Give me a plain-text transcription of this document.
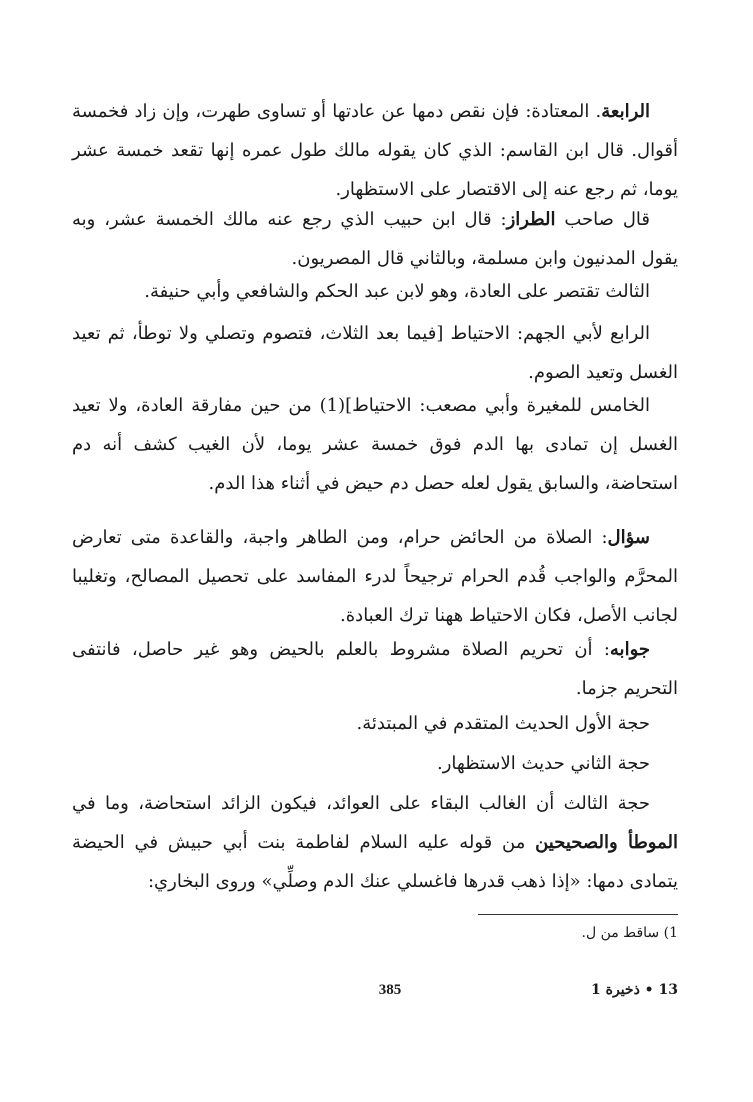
الرابعة. المعتادة: فإن نقص دمها عن عادتها أو تساوى طهرت، وإن زاد فخمسة أقوال. قال ابن القاسم: الذي كان يقوله مالك طول عمره إنها تقعد خمسة عشر يوما، ثم رجع عنه إلى الاقتصار على الاستظهار.

قال صاحب الطراز: قال ابن حبيب الذي رجع عنه مالك الخمسة عشر، وبه يقول المدنيون وابن مسلمة، وبالثاني قال المصريون.

الثالث تقتصر على العادة، وهو لابن عبد الحكم والشافعي وأبي حنيفة.

الرابع لأبي الجهم: الاحتياط [فيما بعد الثلاث، فتصوم وتصلي ولا توطأ، ثم تعيد الغسل وتعيد الصوم.

الخامس للمغيرة وأبي مصعب: الاحتياط](1) من حين مفارقة العادة، ولا تعيد الغسل إن تمادى بها الدم فوق خمسة عشر يوما، لأن الغيب كشف أنه دم استحاضة، والسابق يقول لعله حصل دم حيض في أثناء هذا الدم.

سؤال: الصلاة من الحائض حرام، ومن الطاهر واجبة، والقاعدة متى تعارض المحرَّم والواجب قُدم الحرام ترجيحاً لدرء المفاسد على تحصيل المصالح، وتغليبا لجانب الأصل، فكان الاحتياط ههنا ترك العبادة.

جوابه: أن تحريم الصلاة مشروط بالعلم بالحيض وهو غير حاصل، فانتفى التحريم جزما.

حجة الأول الحديث المتقدم في المبتدئة.

حجة الثاني حديث الاستظهار.

حجة الثالث أن الغالب البقاء على العوائد، فيكون الزائد استحاضة، وما في الموطأ والصحيحين من قوله عليه السلام لفاطمة بنت أبي حبيش في الحيضة يتمادى دمها: «إذا ذهب قدرها فاغسلي عنك الدم وصلِّي» وروى البخاري:

1) ساقط من ل.
385	13 • ذخيرة 1
